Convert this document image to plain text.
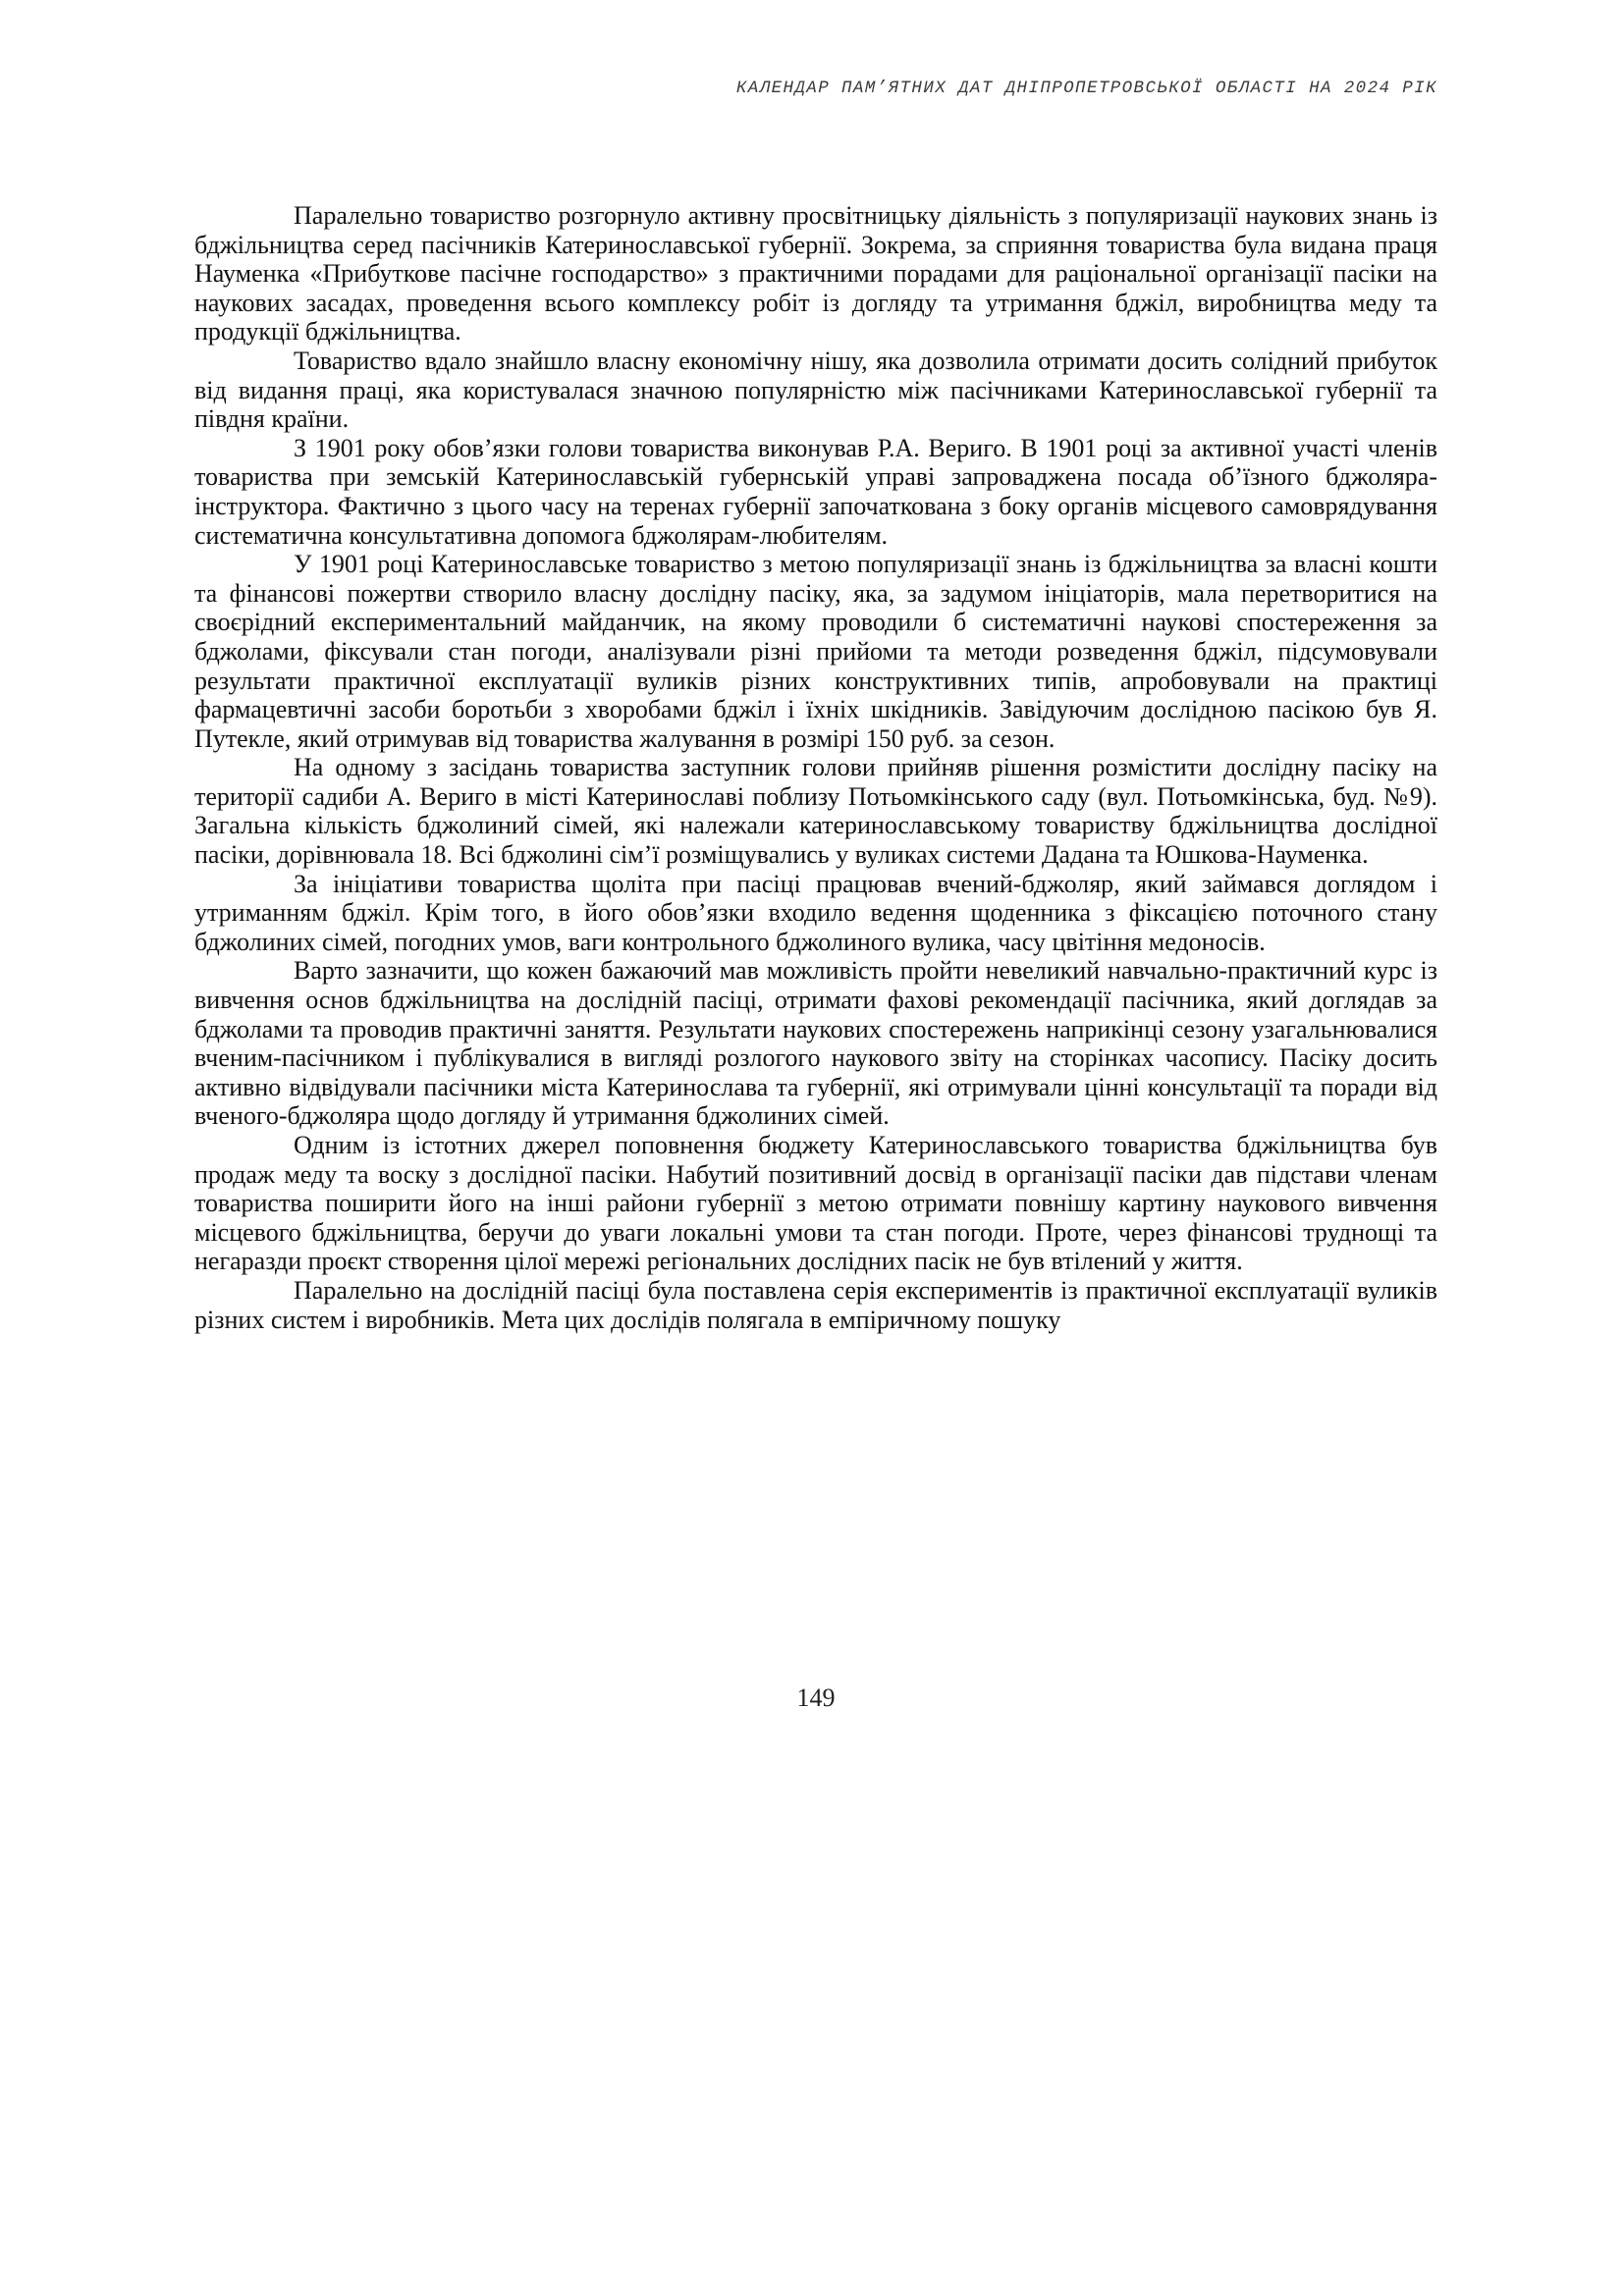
КАЛЕНДАР ПАМ’ЯТНИХ ДАТ ДНІПРОПЕТРОВСЬКОЇ ОБЛАСТІ НА 2024 РІК

Паралельно товариство розгорнуло активну просвітницьку діяльність з популяризації наукових знань із бджільництва серед пасічників Катеринославської губернії. Зокрема, за сприяння товариства була видана праця Науменка «Прибуткове пасічне господарство» з практичними порадами для раціональної організації пасіки на наукових засадах, проведення всього комплексу робіт із догляду та утримання бджіл, виробництва меду та продукції бджільництва.

Товариство вдало знайшло власну економічну нішу, яка дозволила отримати досить солідний прибуток від видання праці, яка користувалася значною популярністю між пасічниками Катеринославської губернії та півдня країни.

З 1901 року обов’язки голови товариства виконував Р.А. Вериго. В 1901 році за активної участі членів товариства при земській Катеринославській губернській управі запроваджена посада об’їзного бджоляра-інструктора. Фактично з цього часу на теренах губернії започаткована з боку органів місцевого самоврядування систематична консультативна допомога бджолярам-любителям.

У 1901 році Катеринославське товариство з метою популяризації знань із бджільництва за власні кошти та фінансові пожертви створило власну дослідну пасіку, яка, за задумом ініціаторів, мала перетворитися на своєрідний експериментальний майданчик, на якому проводили б систематичні наукові спостереження за бджолами, фіксували стан погоди, аналізували різні прийоми та методи розведення бджіл, підсумовували результати практичної експлуатації вуликів різних конструктивних типів, апробовували на практиці фармацевтичні засоби боротьби з хворобами бджіл і їхніх шкідників. Завідуючим дослідною пасікою був Я. Путекле, який отримував від товариства жалування в розмірі 150 руб. за сезон.

На одному з засідань товариства заступник голови прийняв рішення розмістити дослідну пасіку на території садиби А. Вериго в місті Катеринославі поблизу Потьомкінського саду (вул. Потьомкінська, буд. №9). Загальна кількість бджолиний сімей, які належали катеринославському товариству бджільництва дослідної пасіки, дорівнювала 18. Всі бджолині сім’ї розміщувались у вуликах системи Дадана та Юшкова-Науменка.

За ініціативи товариства щоліта при пасіці працював вчений-бджоляр, який займався доглядом і утриманням бджіл. Крім того, в його обов’язки входило ведення щоденника з фіксацією поточного стану бджолиних сімей, погодних умов, ваги контрольного бджолиного вулика, часу цвітіння медоносів.

Варто зазначити, що кожен бажаючий мав можливість пройти невеликий навчально-практичний курс із вивчення основ бджільництва на дослідній пасіці, отримати фахові рекомендації пасічника, який доглядав за бджолами та проводив практичні заняття. Результати наукових спостережень наприкінці сезону узагальнювалися вченим-пасічником і публікувалися в вигляді розлогого наукового звіту на сторінках часопису. Пасіку досить активно відвідували пасічники міста Катеринослава та губернії, які отримували цінні консультації та поради від вченого-бджоляра щодо догляду й утримання бджолиних сімей.

Одним із істотних джерел поповнення бюджету Катеринославського товариства бджільництва був продаж меду та воску з дослідної пасіки. Набутий позитивний досвід в організації пасіки дав підстави членам товариства поширити його на інші райони губернії з метою отримати повнішу картину наукового вивчення місцевого бджільництва, беручи до уваги локальні умови та стан погоди. Проте, через фінансові труднощі та негаразди проєкт створення цілої мережі регіональних дослідних пасік не був втілений у життя.

Паралельно на дослідній пасіці була поставлена серія експериментів із практичної експлуатації вуликів різних систем і виробників. Мета цих дослідів полягала в емпіричному пошуку

149
